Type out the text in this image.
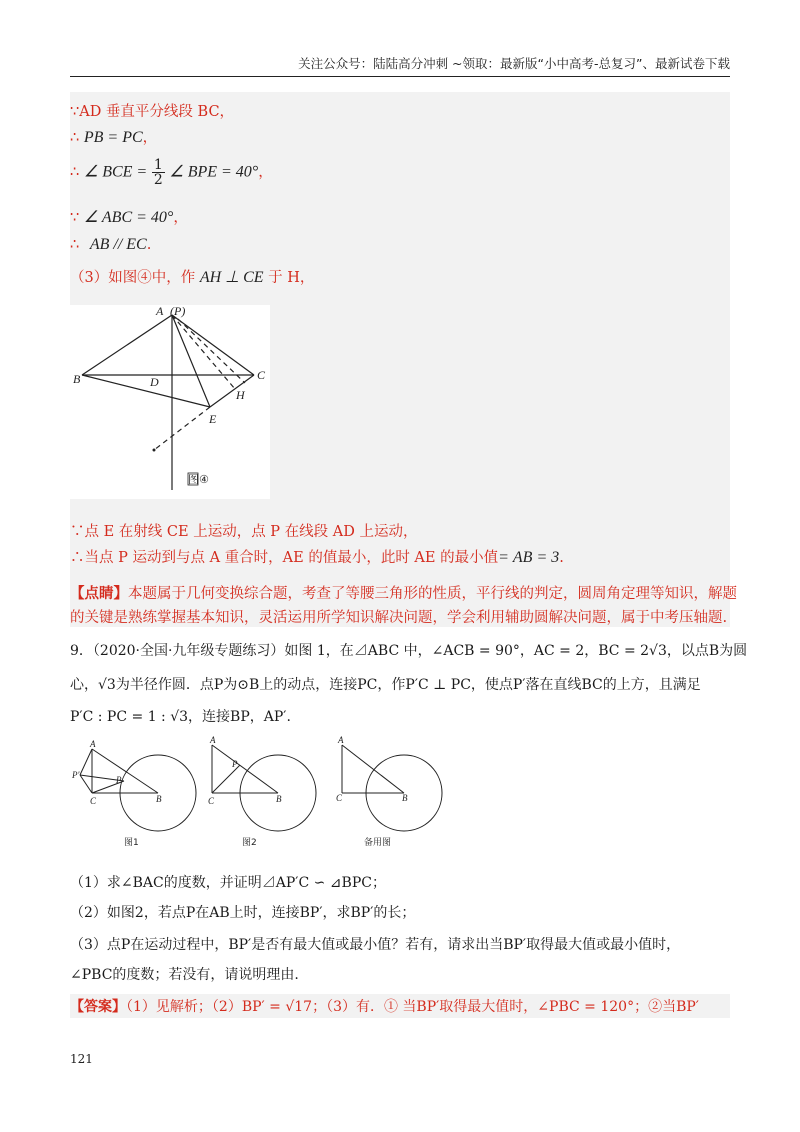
关注公众号：陆陆高分冲刺 ~领取：最新版“小中高考-总复习”、最新试卷下载
∵AD 垂直平分线段 BC，
∴ PB = PC，
∴ ∠ BCE = $\frac{1}{2}$ ∠ BPE = 40°，
∵ ∠ ABC = 40°，
∴ AB // EC.
（3）如图④中，作 AH ⊥ CE 于 H，
∵点 E 在射线 CE 上运动，点 P 在线段 AD 上运动，
∴当点 P 运动到与点 A 重合时，AE 的值最小，此时 AE 的最小值= AB = 3.
【点睛】本题属于几何变换综合题，考查了等腰三角形的性质，平行线的判定，圆周角定理等知识，解题
的关键是熟练掌握基本知识，灵活运用所学知识解决问题，学会利用辅助圆解决问题，属于中考压轴题.
A (P)
B	C
D
E
H
图④
9．（2020·全国·九年级专题练习）如图 1，在⊿ABC 中，∠ACB = 90°，AC = 2，BC = 2√3，以点B为圆
心，√3为半径作圆．点P为⊙B上的动点，连接PC，作P′C ⊥ PC，使点P′落在直线BC的上方，且满足
P′C : PC = 1 : √3，连接BP，AP′.
A
P′	P
C	B
A
P
C	B
A
C	B
图1	图2	备用图
（1）求∠BAC的度数，并证明⊿AP′C ∽ ⊿BPC；
（2）如图2，若点P在AB上时，连接BP′，求BP′的长；
（3）点P在运动过程中，BP′是否有最大值或最小值？若有，请求出当BP′取得最大值或最小值时，
∠PBC的度数；若没有，请说明理由.
【答案】（1）见解析；（2）BP′ = √17；（3）有．① 当BP′取得最大值时，∠PBC = 120°；②当BP′
121
